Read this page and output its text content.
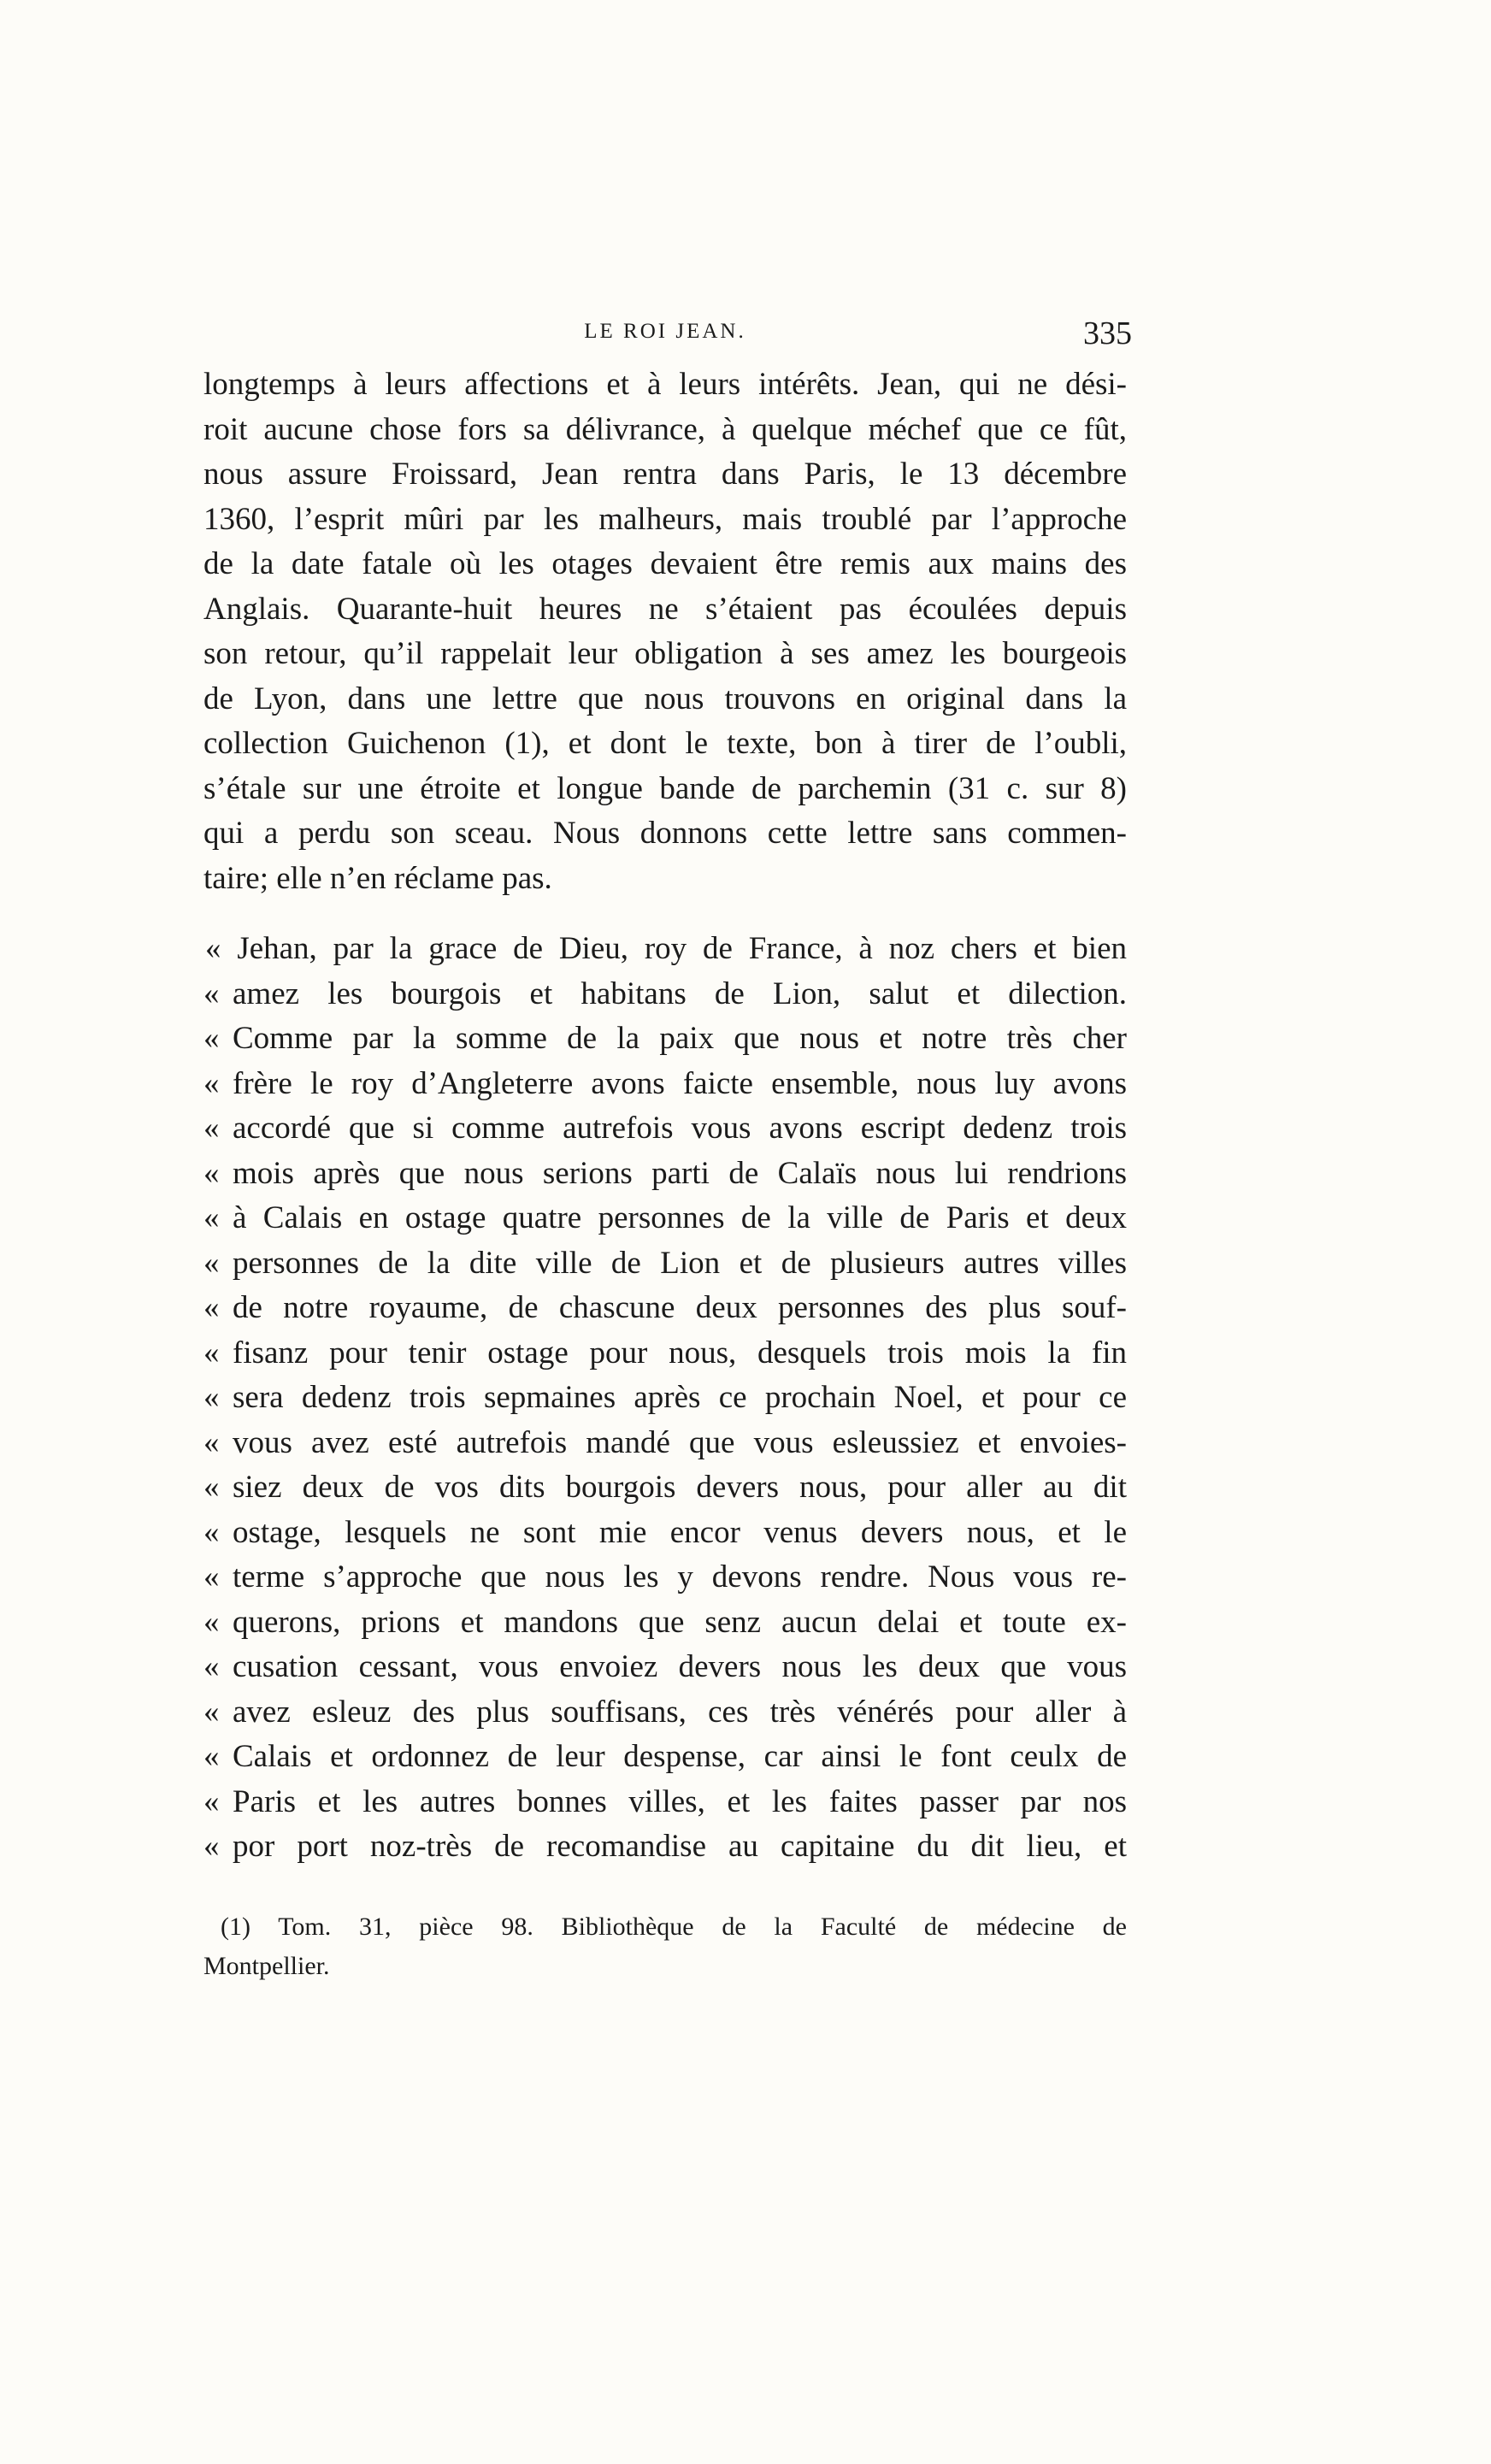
LE ROI JEAN.	335
longtemps à leurs affections et à leurs intérêts. Jean, qui ne dési-
roit aucune chose fors sa délivrance, à quelque méchef que ce fût,
nous assure Froissard, Jean rentra dans Paris, le 13 décembre
1360, l’esprit mûri par les malheurs, mais troublé par l’approche
de la date fatale où les otages devaient être remis aux mains des
Anglais. Quarante-huit heures ne s’étaient pas écoulées depuis
son retour, qu’il rappelait leur obligation à ses amez les bourgeois
de Lyon, dans une lettre que nous trouvons en original dans la
collection Guichenon (1), et dont le texte, bon à tirer de l’oubli,
s’étale sur une étroite et longue bande de parchemin (31 c. sur 8)
qui a perdu son sceau. Nous donnons cette lettre sans commen-
taire; elle n’en réclame pas.
« Jehan, par la grace de Dieu, roy de France, à noz chers et bien
« amez les bourgois et habitans de Lion, salut et dilection.
« Comme par la somme de la paix que nous et notre très cher
« frère le roy d’Angleterre avons faicte ensemble, nous luy avons
« accordé que si comme autrefois vous avons escript dedenz trois
« mois après que nous serions parti de Calaïs nous lui rendrions
« à Calais en ostage quatre personnes de la ville de Paris et deux
« personnes de la dite ville de Lion et de plusieurs autres villes
« de notre royaume, de chascune deux personnes des plus souf-
« fisanz pour tenir ostage pour nous, desquels trois mois la fin
« sera dedenz trois sepmaines après ce prochain Noel, et pour ce
« vous avez esté autrefois mandé que vous esleussiez et envoies-
« siez deux de vos dits bourgois devers nous, pour aller au dit
« ostage, lesquels ne sont mie encor venus devers nous, et le
« terme s’approche que nous les y devons rendre. Nous vous re-
« querons, prions et mandons que senz aucun delai et toute ex-
« cusation cessant, vous envoiez devers nous les deux que vous
« avez esleuz des plus souffisans, ces très vénérés pour aller à
« Calais et ordonnez de leur despense, car ainsi le font ceulx de
« Paris et les autres bonnes villes, et les faites passer par nos
« por port noz-très de recomandise au capitaine du dit lieu, et
(1) Tom. 31, pièce 98. Bibliothèque de la Faculté de médecine de
Montpellier.
